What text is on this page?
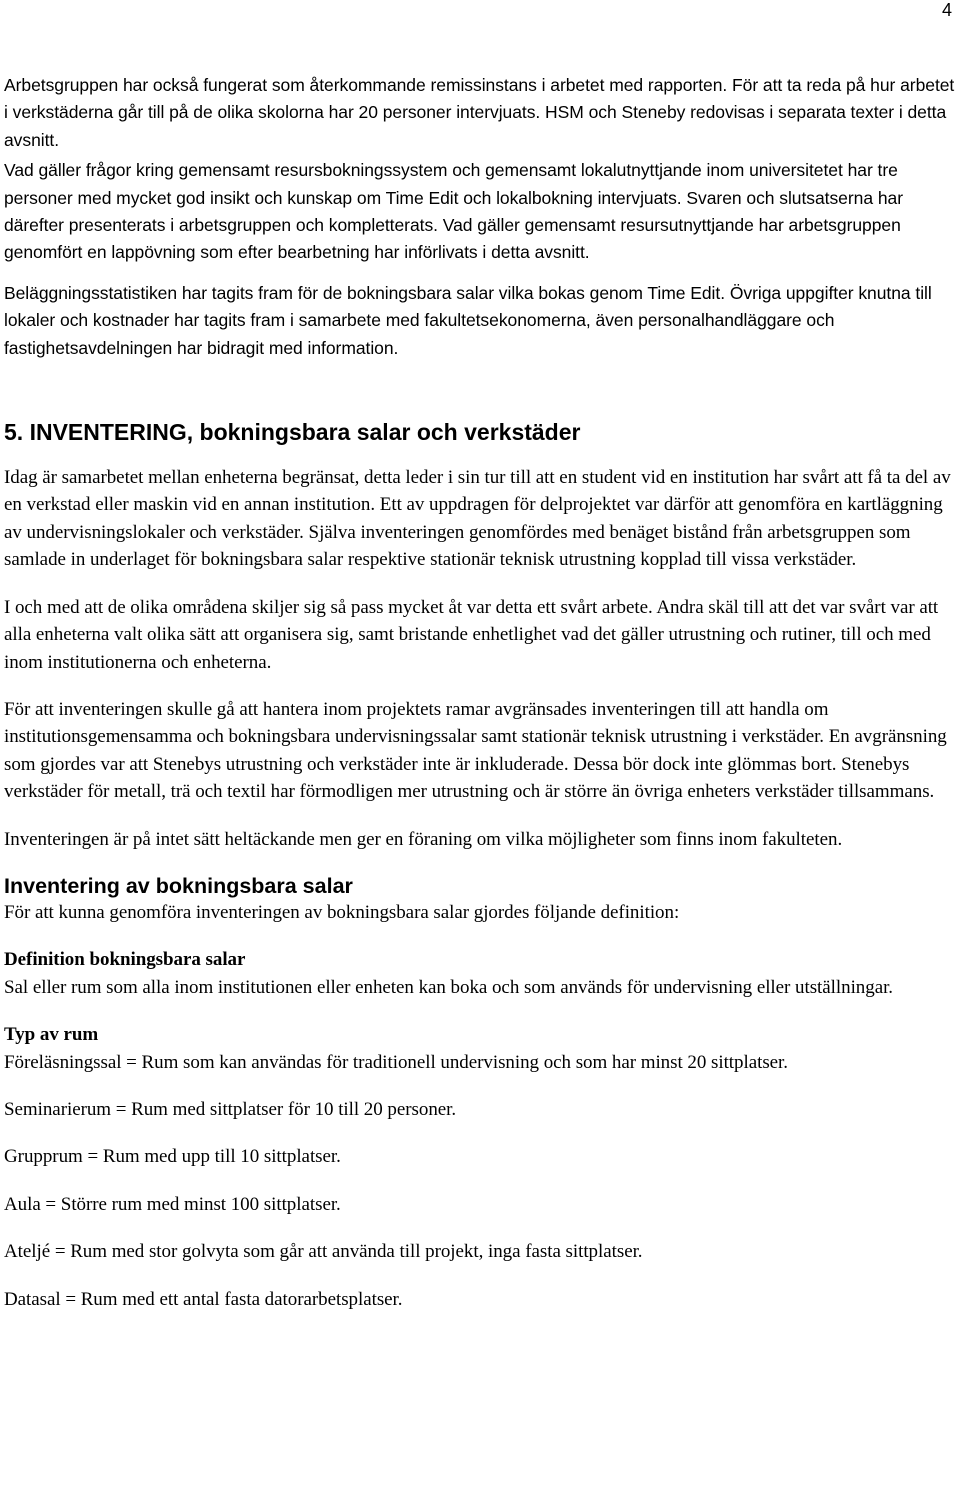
4

Arbetsgruppen har också fungerat som återkommande remissinstans i arbetet med rapporten. För att ta reda på hur arbetet i verkstäderna går till på de olika skolorna har 20 personer intervjuats. HSM och Steneby redovisas i separata texter i detta avsnitt.

Vad gäller frågor kring gemensamt resursbokningssystem och gemensamt lokalutnyttjande inom universitetet har tre personer med mycket god insikt och kunskap om Time Edit och lokalbokning intervjuats. Svaren och slutsatserna har därefter presenterats i arbetsgruppen och kompletterats. Vad gäller gemensamt resursutnyttjande har arbetsgruppen genomfört en lappövning som efter bearbetning har införlivats i detta avsnitt.

Beläggningsstatistiken har tagits fram för de bokningsbara salar vilka bokas genom Time Edit. Övriga uppgifter knutna till lokaler och kostnader har tagits fram i samarbete med fakultetsekonomerna, även personalhandläggare och fastighetsavdelningen har bidragit med information.

5. INVENTERING, bokningsbara salar och verkstäder

Idag är samarbetet mellan enheterna begränsat, detta leder i sin tur till att en student vid en institution har svårt att få ta del av en verkstad eller maskin vid en annan institution. Ett av uppdragen för delprojektet var därför att genomföra en kartläggning av undervisningslokaler och verkstäder. Själva inventeringen genomfördes med benäget bistånd från arbetsgruppen som samlade in underlaget för bokningsbara salar respektive stationär teknisk utrustning kopplad till vissa verkstäder.

I och med att de olika områdena skiljer sig så pass mycket åt var detta ett svårt arbete. Andra skäl till att det var svårt var att alla enheterna valt olika sätt att organisera sig, samt bristande enhetlighet vad det gäller utrustning och rutiner, till och med inom institutionerna och enheterna.

För att inventeringen skulle gå att hantera inom projektets ramar avgränsades inventeringen till att handla om institutionsgemensamma och bokningsbara undervisningssalar samt stationär teknisk utrustning i verkstäder. En avgränsning som gjordes var att Stenebys utrustning och verkstäder inte är inkluderade. Dessa bör dock inte glömmas bort. Stenebys verkstäder för metall, trä och textil har förmodligen mer utrustning och är större än övriga enheters verkstäder tillsammans.

Inventeringen är på intet sätt heltäckande men ger en föraning om vilka möjligheter som finns inom fakulteten.

Inventering av bokningsbara salar

För att kunna genomföra inventeringen av bokningsbara salar gjordes följande definition:

Definition bokningsbara salar

Sal eller rum som alla inom institutionen eller enheten kan boka och som används för undervisning eller utställningar.

Typ av rum

Föreläsningssal = Rum som kan användas för traditionell undervisning och som har minst 20 sittplatser.

Seminarierum = Rum med sittplatser för 10 till 20 personer.

Grupprum = Rum med upp till 10 sittplatser.

Aula = Större rum med minst 100 sittplatser.

Ateljé = Rum med stor golvyta som går att använda till projekt, inga fasta sittplatser.

Datasal = Rum med ett antal fasta datorarbetsplatser.
